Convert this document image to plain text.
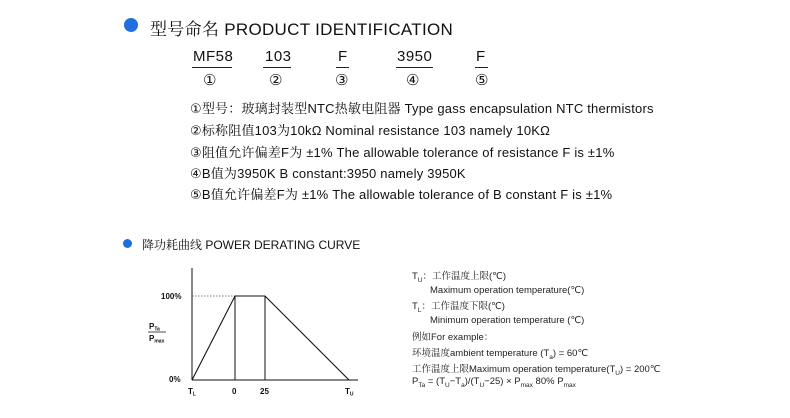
型号命名 PRODUCT IDENTIFICATION
MF58 103	F	3950	F
①	②	③	④	⑤
①型号：玻璃封装型NTC热敏电阻器 Type gass encapsulation NTC thermistors
②标称阻值103为10kΩ Nominal resistance 103 namely 10KΩ
③阻值允许偏差F为 ±1% The allowable tolerance of resistance F is ±1%
④B值为3950K B constant:3950 namely 3950K
⑤B值允许偏差F为 ±1% The allowable tolerance of B constant F is ±1%
降功耗曲线 POWER DERATING CURVE
100%
0%
PTa
Pmax
TL	0	25	TU
$T_U$：工作温度上限(℃)
Maximum operation temperature(℃)
$T_L$：工作温度下限(℃)
Minimum operation temperature (℃)
例如For example：
环境温度ambient temperature $(T_a)$ = 60℃
工作温度上限Maximum operation $temperature(T_U)$ = 200℃
$P_{Ta} = (T_U-T_a)/(T_U-25) \times P_{max}$ 80% $P_{max}$
